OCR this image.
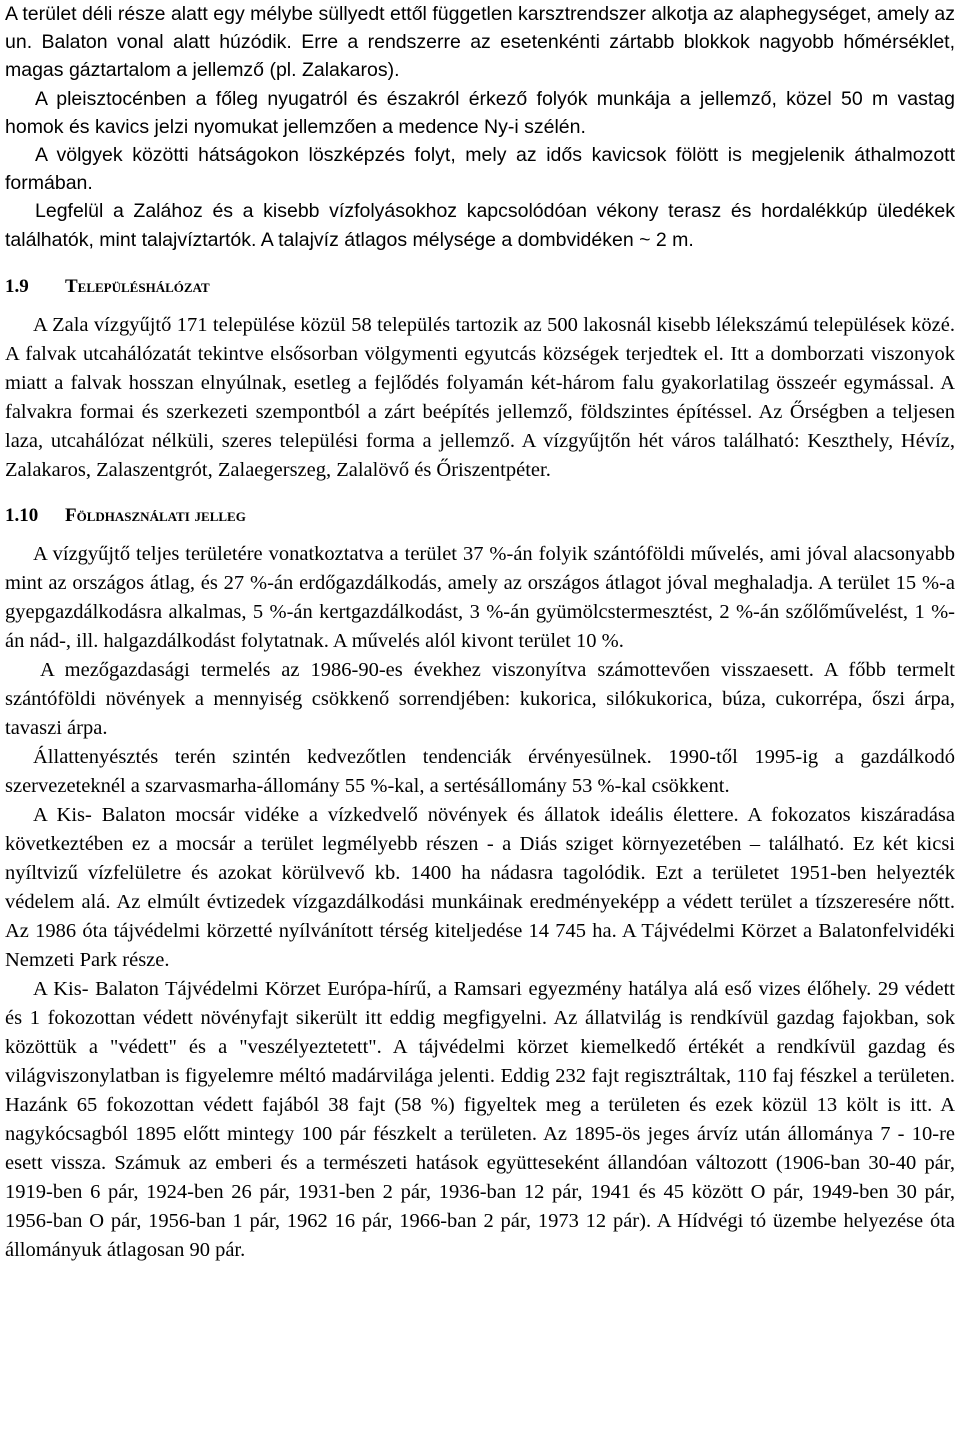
A terület déli része alatt egy mélybe süllyedt ettől független karsztrendszer alkotja az alaphegységet, amely az un. Balaton vonal alatt húzódik. Erre a rendszerre az esetenkénti zártabb blokkok nagyobb hőmérséklet, magas gáztartalom a jellemző (pl. Zalakaros).

A pleisztocénben a főleg nyugatról és északról érkező folyók munkája a jellemző, közel 50 m vastag homok és kavics jelzi nyomukat jellemzően a medence Ny-i szélén.

A völgyek közötti hátságokon löszképzés folyt, mely az idős kavicsok fölött is megjelenik áthalmozott formában.

Legfelül a Zalához és a kisebb vízfolyásokhoz kapcsolódóan vékony terasz és hordalékkúp üledékek találhatók, mint talajvíztartók. A talajvíz átlagos mélysége a dombvidéken ~ 2 m.

1.9	Településhálózat

A Zala vízgyűjtő 171 települése közül 58 település tartozik az 500 lakosnál kisebb lélekszámú települések közé. A falvak utcahálózatát tekintve elsősorban völgymenti egyutcás községek terjedtek el. Itt a domborzati viszonyok miatt a falvak hosszan elnyúlnak, esetleg a fejlődés folyamán két-három falu gyakorlatilag összeér egymással. A falvakra formai és szerkezeti szempontból a zárt beépítés jellemző, földszintes építéssel. Az Őrségben a teljesen laza, utcahálózat nélküli, szeres települési forma a jellemző. A vízgyűjtőn hét város található: Keszthely, Hévíz, Zalakaros, Zalaszentgrót, Zalaegerszeg, Zalalövő és Őriszentpéter.

1.10	Földhasználati jelleg

A vízgyűjtő teljes területére vonatkoztatva a terület 37 %-án folyik szántóföldi művelés, ami jóval alacsonyabb mint az országos átlag, és 27 %-án erdőgazdálkodás, amely az országos átlagot jóval meghaladja. A terület 15 %-a gyepgazdálkodásra alkalmas, 5 %-án kertgazdálkodást, 3 %-án gyümölcstermesztést, 2 %-án szőlőművelést, 1 %-án nád-, ill. halgazdálkodást folytatnak. A művelés alól kivont terület 10 %.

A mezőgazdasági termelés az 1986-90-es évekhez viszonyítva számottevően visszaesett. A főbb termelt szántóföldi növények a mennyiség csökkenő sorrendjében: kukorica, silókukorica, búza, cukorrépa, őszi árpa, tavaszi árpa.

Állattenyésztés terén szintén kedvezőtlen tendenciák érvényesülnek. 1990-től 1995-ig a gazdálkodó szervezeteknél a szarvasmarha-állomány 55 %-kal, a sertésállomány 53 %-kal csökkent.

A Kis- Balaton mocsár vidéke a vízkedvelő növények és állatok ideális élettere. A fokozatos kiszáradása következtében ez a mocsár a terület legmélyebb részen - a Diás sziget környezetében – található. Ez két kicsi nyíltvizű vízfelületre és azokat körülvevő kb. 1400 ha nádasra tagolódik. Ezt a területet 1951-ben helyezték védelem alá. Az elmúlt évtizedek vízgazdálkodási munkáinak eredményeképp a védett terület a tízszeresére nőtt. Az 1986 óta tájvédelmi körzetté nyílvánított térség kiteljedése 14 745 ha. A Tájvédelmi Körzet a Balatonfelvidéki Nemzeti Park része.

A Kis- Balaton Tájvédelmi Körzet Európa-hírű, a Ramsari egyezmény hatálya alá eső vizes élőhely. 29 védett és 1 fokozottan védett növényfajt sikerült itt eddig megfigyelni. Az állatvilág is rendkívül gazdag fajokban, sok közöttük a "védett" és a "veszélyeztetett". A tájvédelmi körzet kiemelkedő értékét a rendkívül gazdag és világviszonylatban is figyelemre méltó madárvilága jelenti. Eddig 232 fajt regisztráltak, 110 faj fészkel a területen. Hazánk 65 fokozottan védett fajából 38 fajt (58 %) figyeltek meg a területen és ezek közül 13 költ is itt. A nagykócsagból 1895 előtt mintegy 100 pár fészkelt a területen. Az 1895-ös jeges árvíz után állománya 7 - 10-re esett vissza. Számuk az emberi és a természeti hatások együtteseként állandóan változott (1906-ban 30-40 pár, 1919-ben 6 pár, 1924-ben 26 pár, 1931-ben 2 pár, 1936-ban 12 pár, 1941 és 45 között O pár, 1949-ben 30 pár, 1956-ban O pár, 1956-ban 1 pár, 1962 16 pár, 1966-ban 2 pár, 1973 12 pár). A Hídvégi tó üzembe helyezése óta állományuk átlagosan 90 pár.
